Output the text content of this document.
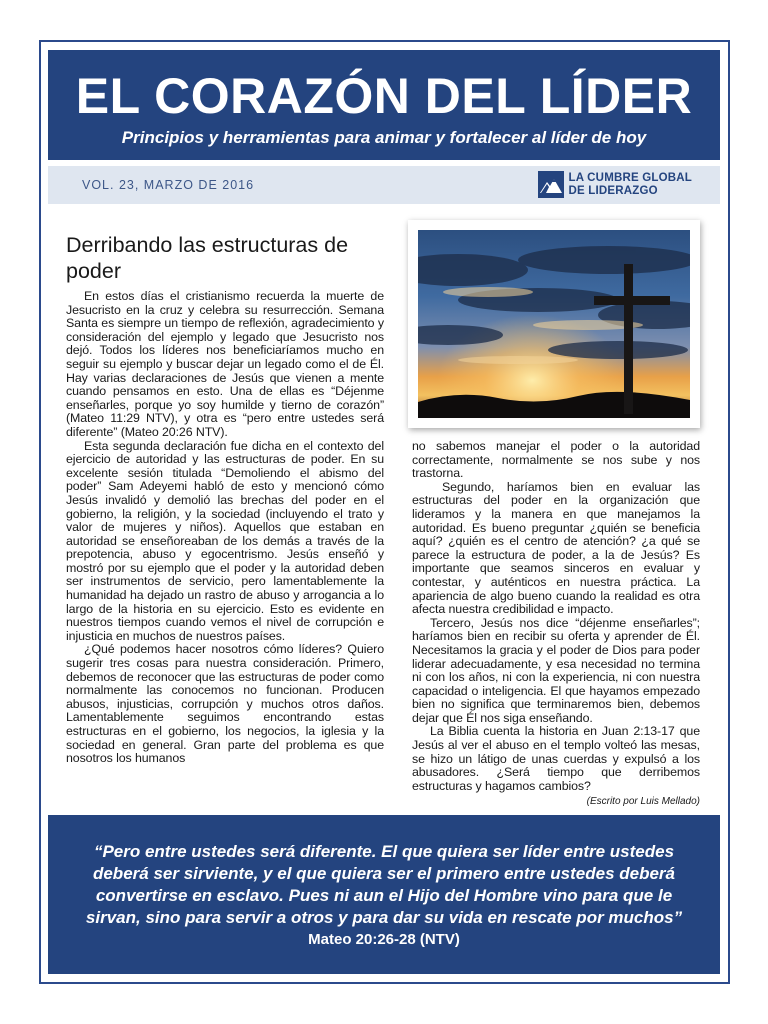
EL CORAZÓN DEL LÍDER
Principios y herramientas para animar y fortalecer al líder de hoy
VOL. 23, MARZO DE 2016
LA CUMBRE GLOBAL
DE LIDERAZGO
Derribando las estructuras de poder

En estos días el cristianismo recuerda la muerte de Jesucristo en la cruz y celebra su resurrección. Semana Santa es siempre un tiempo de reflexión, agradecimiento y consideración del ejemplo y legado que Jesucristo nos dejó. Todos los líderes nos beneficiaríamos mucho en seguir su ejemplo y buscar dejar un legado como el de Él. Hay varias declaraciones de Jesús que vienen a mente cuando pensamos en esto. Una de ellas es “Déjenme enseñarles, porque yo soy humilde y tierno de corazón” (Mateo 11:29 NTV), y otra es “pero entre ustedes será diferente” (Mateo 20:26 NTV).

Esta segunda declaración fue dicha en el contexto del ejercicio de autoridad y las estructuras de poder. En su excelente sesión titulada “Demoliendo el abismo del poder” Sam Adeyemi habló de esto y mencionó cómo Jesús invalidó y demolió las brechas del poder en el gobierno, la religión, y la sociedad (incluyendo el trato y valor de mujeres y niños). Aquellos que estaban en autoridad se enseñoreaban de los demás a través de la prepotencia, abuso y egocentrismo. Jesús enseñó y mostró por su ejemplo que el poder y la autoridad deben ser instrumentos de servicio, pero lamentablemente la humanidad ha dejado un rastro de abuso y arrogancia a lo largo de la historia en su ejercicio. Esto es evidente en nuestros tiempos cuando vemos el nivel de corrupción e injusticia en muchos de nuestros países.

¿Qué podemos hacer nosotros cómo líderes? Quiero sugerir tres cosas para nuestra consideración. Primero, debemos de reconocer que las estructuras de poder como normalmente las conocemos no funcionan. Producen abusos, injusticias, corrupción y muchos otros daños. Lamentablemente seguimos encontrando estas estructuras en el gobierno, los negocios, la iglesia y la sociedad en general. Gran parte del problema es que nosotros los humanos

no sabemos manejar el poder o la autoridad correctamente, normalmente se nos sube y nos trastorna.

Segundo, haríamos bien en evaluar las estructuras del poder en la organización que lideramos y la manera en que manejamos la autoridad. Es bueno preguntar ¿quién se beneficia aquí? ¿quién es el centro de atención? ¿a qué se parece la estructura de poder, a la de Jesús? Es importante que seamos sinceros en evaluar y contestar, y auténticos en nuestra práctica. La apariencia de algo bueno cuando la realidad es otra afecta nuestra credibilidad e impacto.

Tercero, Jesús nos dice “déjenme enseñarles”; haríamos bien en recibir su oferta y aprender de Él. Necesitamos la gracia y el poder de Dios para poder liderar adecuadamente, y esa necesidad no termina ni con los años, ni con la experiencia, ni con nuestra capacidad o inteligencia. El que hayamos empezado bien no significa que terminaremos bien, debemos dejar que Él nos siga enseñando.

La Biblia cuenta la historia en Juan 2:13-17 que Jesús al ver el abuso en el templo volteó las mesas, se hizo un látigo de unas cuerdas y expulsó a los abusadores. ¿Será tiempo que derribemos estructuras y hagamos cambios?

(Escrito por Luis Mellado)
“Pero entre ustedes será diferente. El que quiera ser líder entre ustedes deberá ser sirviente, y el que quiera ser el primero entre ustedes deberá convertirse en esclavo. Pues ni aun el Hijo del Hombre vino para que le sirvan, sino para servir a otros y para dar su vida en rescate por muchos”
Mateo 20:26-28 (NTV)
